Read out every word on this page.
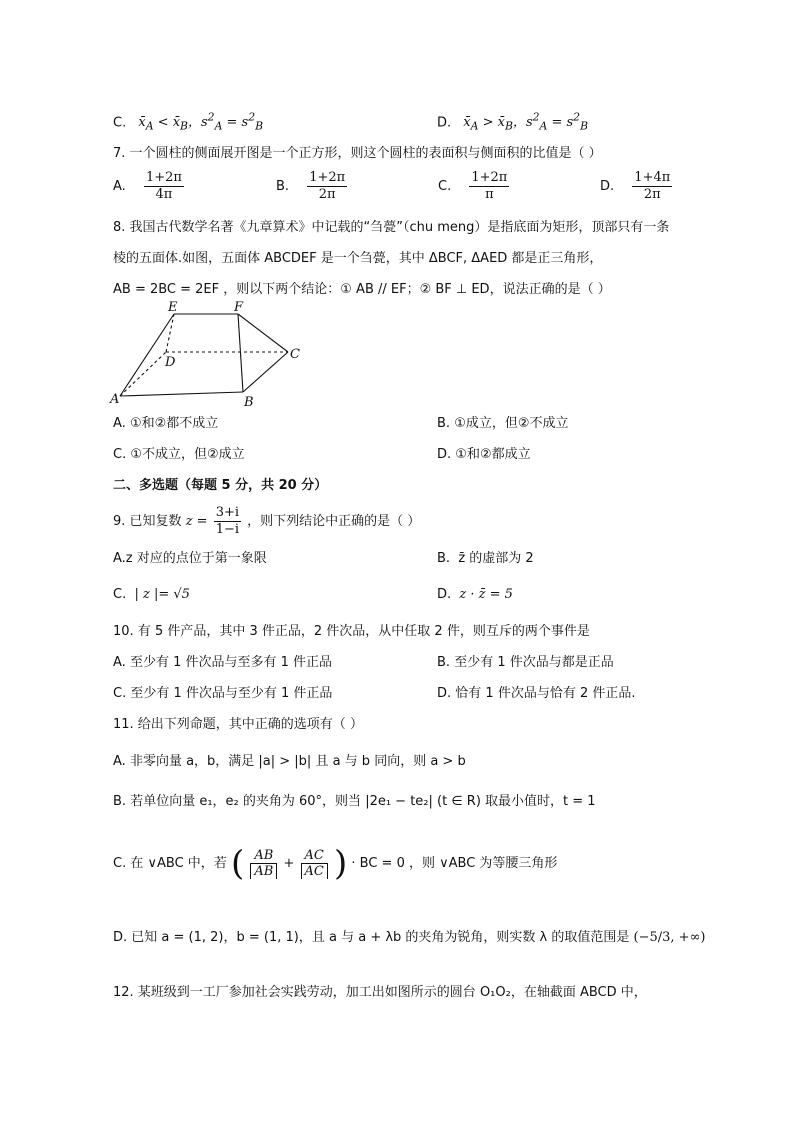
C. $x̄_A$ < $x̄_B$，$s^2_A = s^2_B$	D. $x̄_A$ > $x̄_B$，$s^2_A = s^2_B$
7. 一个圆柱的侧面展开图是一个正方形，则这个圆柱的表面积与侧面积的比值是（ ）
A. $\frac{1+2\pi}{4\pi}$	B. $\frac{1+2\pi}{2\pi}$	C. $\frac{1+2\pi}{\pi}$	D. $\frac{1+4\pi}{2\pi}$
8. 我国古代数学名著《九章算术》中记载的“刍甍”（chu meng）是指底面为矩形，顶部只有一条
棱的五面体.如图，五面体 ABCDEF 是一个刍甍，其中 ΔBCF, ΔAED 都是正三角形，
AB = 2BC = 2EF ，则以下两个结论：① AB // EF；② BF ⊥ ED，说法正确的是（ ）
A	B
C
D
E	F
A. ①和②都不成立	B. ①成立，但②不成立
C. ①不成立，但②成立	D. ①和②都成立
二、多选题（每题 5 分，共 20 分）
9. 已知复数 $z = \frac{3+i}{1-i}$ ，则下列结论中正确的是（ ）
A.z 对应的点位于第一象限	B. z̄ 的虚部为 2
C. | z |= √5	D. z · z̄ = 5
10. 有 5 件产品，其中 3 件正品，2 件次品，从中任取 2 件，则互斥的两个事件是
A. 至少有 1 件次品与至多有 1 件正品	B. 至少有 1 件次品与都是正品
C. 至少有 1 件次品与至少有 1 件正品	D. 恰有 1 件次品与恰有 2 件正品.
11. 给出下列命题，其中正确的选项有（ ）
A. 非零向量 a，b，满足 |a| > |b| 且 a 与 b 同向，则 a > b
B. 若单位向量 e₁，e₂ 的夹角为 60°，则当 |2e₁ − te₂| (t ∈ R) 取最小值时，t = 1
C. 在 ∨ABC 中，若 ( $\frac{AB}{AB} + \frac{AC}{AC}$ ) · BC = 0 ，则 ∨ABC 为等腰三角形
D. 已知 a = (1, 2)，b = (1, 1)，且 a 与 a + λb 的夹角为锐角，则实数 λ 的取值范围是 (−5/3, +∞)
12. 某班级到一工厂参加社会实践劳动，加工出如图所示的圆台 O₁O₂，在轴截面 ABCD 中，
